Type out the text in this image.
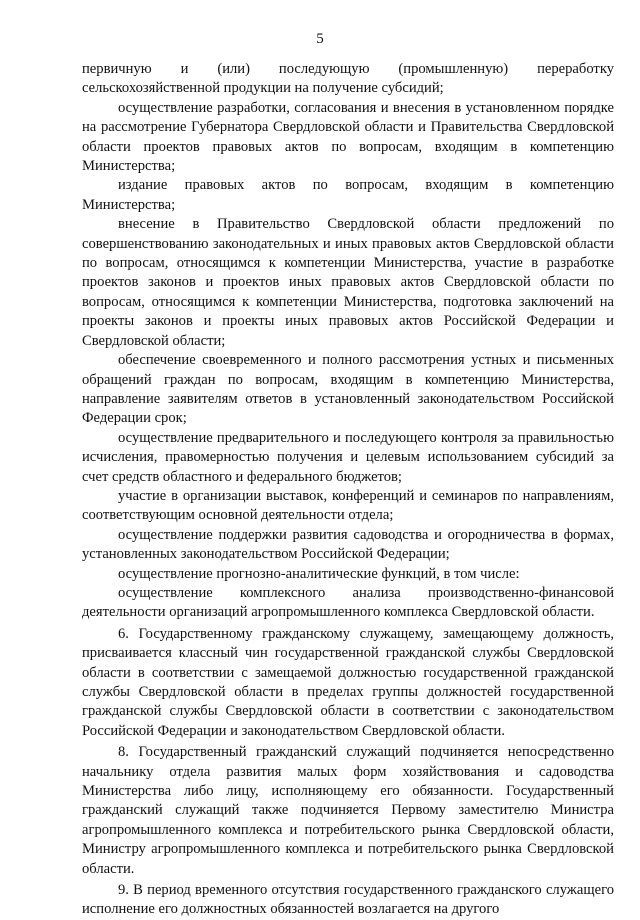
5

первичную и (или) последующую (промышленную) переработку сельскохозяйственной продукции на получение субсидий;

осуществление разработки, согласования и внесения в установленном порядке на рассмотрение Губернатора Свердловской области и Правительства Свердловской области проектов правовых актов по вопросам, входящим в компетенцию Министерства;

издание правовых актов по вопросам, входящим в компетенцию Министерства;

внесение в Правительство Свердловской области предложений по совершенствованию законодательных и иных правовых актов Свердловской области по вопросам, относящимся к компетенции Министерства, участие в разработке проектов законов и проектов иных правовых актов Свердловской области по вопросам, относящимся к компетенции Министерства, подготовка заключений на проекты законов и проекты иных правовых актов Российской Федерации и Свердловской области;

обеспечение своевременного и полного рассмотрения устных и письменных обращений граждан по вопросам, входящим в компетенцию Министерства, направление заявителям ответов в установленный законодательством Российской Федерации срок;

осуществление предварительного и последующего контроля за правильностью исчисления, правомерностью получения и целевым использованием субсидий за счет средств областного и федерального бюджетов;

участие в организации выставок, конференций и семинаров по направлениям, соответствующим основной деятельности отдела;

осуществление поддержки развития садоводства и огородничества в формах, установленных законодательством Российской Федерации;

осуществление прогнозно-аналитические функций, в том числе:

осуществление комплексного анализа производственно-финансовой деятельности организаций агропромышленного комплекса Свердловской области.

6. Государственному гражданскому служащему, замещающему должность, присваивается классный чин государственной гражданской службы Свердловской области в соответствии с замещаемой должностью государственной гражданской службы Свердловской области в пределах группы должностей государственной гражданской службы Свердловской области в соответствии с законодательством Российской Федерации и законодательством Свердловской области.

8. Государственный гражданский служащий подчиняется непосредственно начальнику отдела развития малых форм хозяйствования и садоводства Министерства либо лицу, исполняющему его обязанности. Государственный гражданский служащий также подчиняется Первому заместителю Министра агропромышленного комплекса и потребительского рынка Свердловской области, Министру агропромышленного комплекса и потребительского рынка Свердловской области.

9. В период временного отсутствия государственного гражданского служащего исполнение его должностных обязанностей возлагается на другого
